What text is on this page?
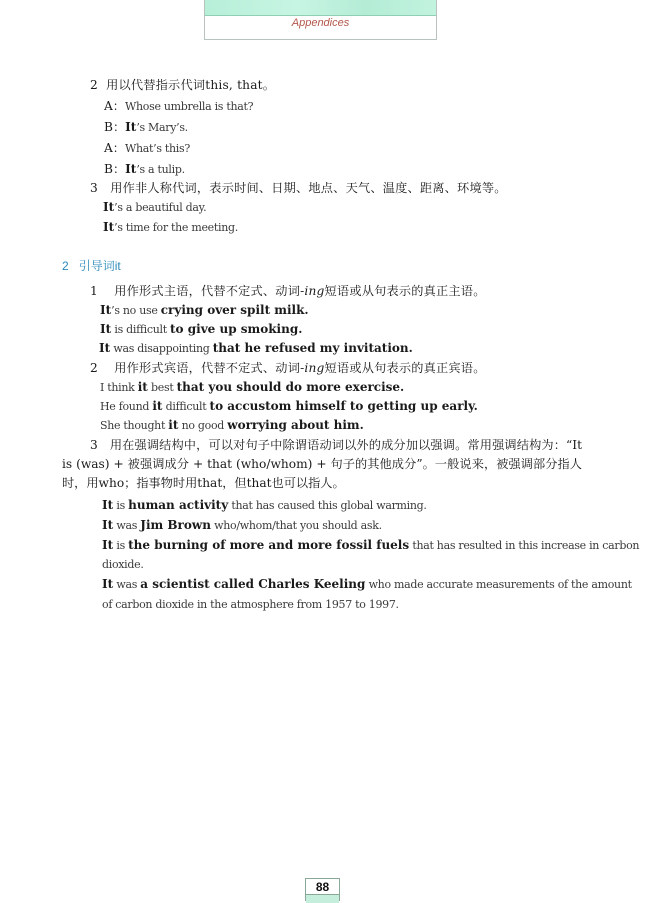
Appendices
2 用以代替指示代词this, that。
A：Whose umbrella is that?
B：It’s Mary’s.
A：What’s this?
B：It’s a tulip.
3 用作非人称代词，表示时间、日期、地点、天气、温度、距离、环境等。
It’s a beautiful day.
It’s time for the meeting.
2 引导词it
1 用作形式主语，代替不定式、动词-ing短语或从句表示的真正主语。
It’s no use crying over spilt milk.
It is difficult to give up smoking.
It was disappointing that he refused my invitation.
2 用作形式宾语，代替不定式、动词-ing短语或从句表示的真正宾语。
I think it best that you should do more exercise.
He found it difficult to accustom himself to getting up early.
She thought it no good worrying about him.
3 用在强调结构中，可以对句子中除谓语动词以外的成分加以强调。常用强调结构为：“It is (was) + 被强调成分 + that (who/whom) + 句子的其他成分”。一般说来，被强调部分指人时，用who；指事物时用that，但that也可以指人。
It is human activity that has caused this global warming.
It was Jim Brown who/whom/that you should ask.
It is the burning of more and more fossil fuels that has resulted in this increase in carbon
dioxide.
It was a scientist called Charles Keeling who made accurate measurements of the amount
of carbon dioxide in the atmosphere from 1957 to 1997.
88
